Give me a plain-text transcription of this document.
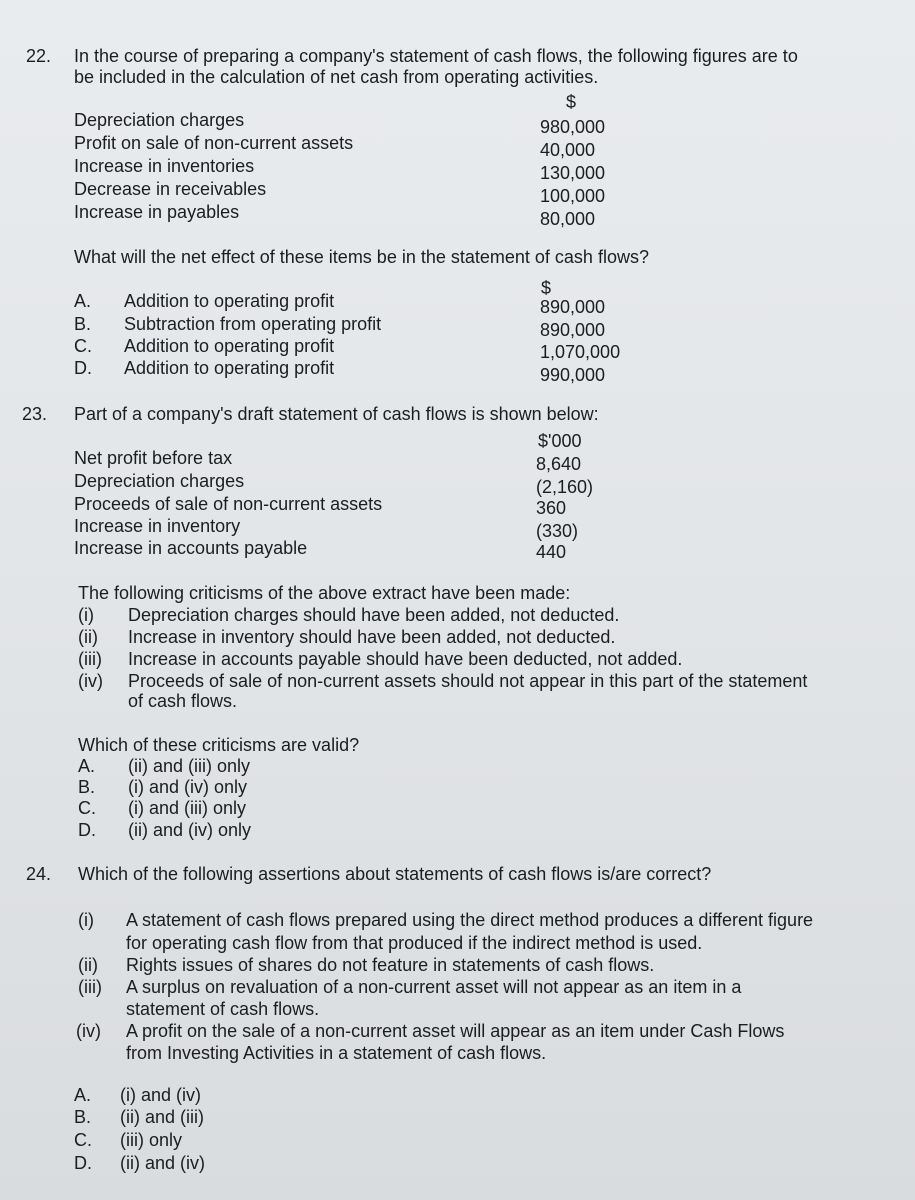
22. In the course of preparing a company's statement of cash flows, the following figures are to
be included in the calculation of net cash from operating activities.
$
Depreciation charges	980,000
Profit on sale of non-current assets	40,000
Increase in inventories	130,000
Decrease in receivables	100,000
Increase in payables	80,000
What will the net effect of these items be in the statement of cash flows?
$
A. Addition to operating profit	890,000
B. Subtraction from operating profit	890,000
C. Addition to operating profit	1,070,000
D. Addition to operating profit	990,000
23. Part of a company's draft statement of cash flows is shown below:
$'000
Net profit before tax	8,640
Depreciation charges	(2,160)
Proceeds of sale of non-current assets	360
Increase in inventory	(330)
Increase in accounts payable	440
The following criticisms of the above extract have been made:
(i) Depreciation charges should have been added, not deducted.
(ii) Increase in inventory should have been added, not deducted.
(iii) Increase in accounts payable should have been deducted, not added.
(iv) Proceeds of sale of non-current assets should not appear in this part of the statement
of cash flows.
Which of these criticisms are valid?
A. (ii) and (iii) only
B. (i) and (iv) only
C. (i) and (iii) only
D. (ii) and (iv) only
24. Which of the following assertions about statements of cash flows is/are correct?
(i) A statement of cash flows prepared using the direct method produces a different figure
for operating cash flow from that produced if the indirect method is used.
(ii) Rights issues of shares do not feature in statements of cash flows.
(iii) A surplus on revaluation of a non-current asset will not appear as an item in a
statement of cash flows.
(iv) A profit on the sale of a non-current asset will appear as an item under Cash Flows
from Investing Activities in a statement of cash flows.
A. (i) and (iv)
B. (ii) and (iii)
C. (iii) only
D. (ii) and (iv)
